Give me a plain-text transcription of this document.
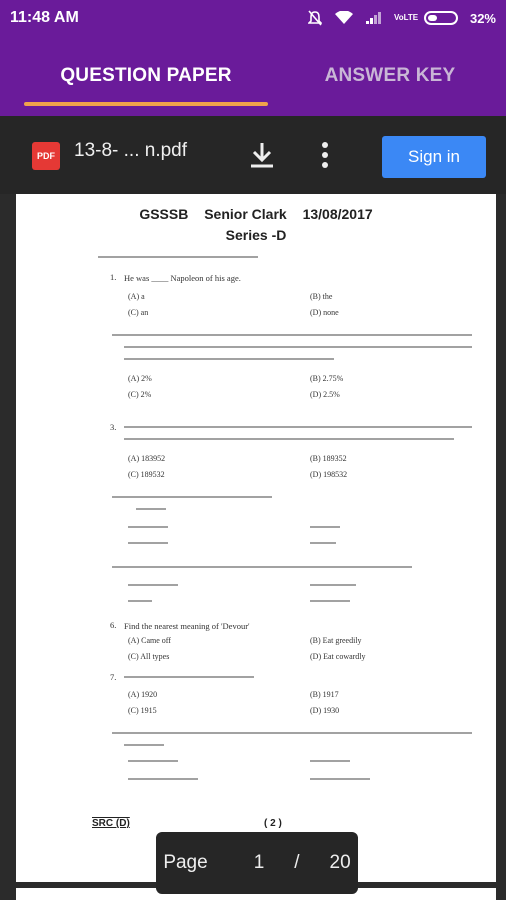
11:48 AM	VoLTE	32%
QUESTION PAPER	ANSWER KEY
PDF 13-8- ... n.pdf	Sign in
GSSSB Senior Clark 13/08/2017
Series -D
1. He was ____ Napoleon of his age.
(A) a	(B) the
(C) an	(D) none
(A) 2%	(B) 2.75%
(C) 2%	(D) 2.5%
3.
(A) 183952	(B) 189352
(C) 189532	(D) 198532
6. Find the nearest meaning of 'Devour'
(A) Came off	(B) Eat greedily
(C) All types	(D) Eat cowardly
7.
(A) 1920	(B) 1917
(C) 1915	(D) 1930
SRC (D)	( 2 )
Page 1 / 20
